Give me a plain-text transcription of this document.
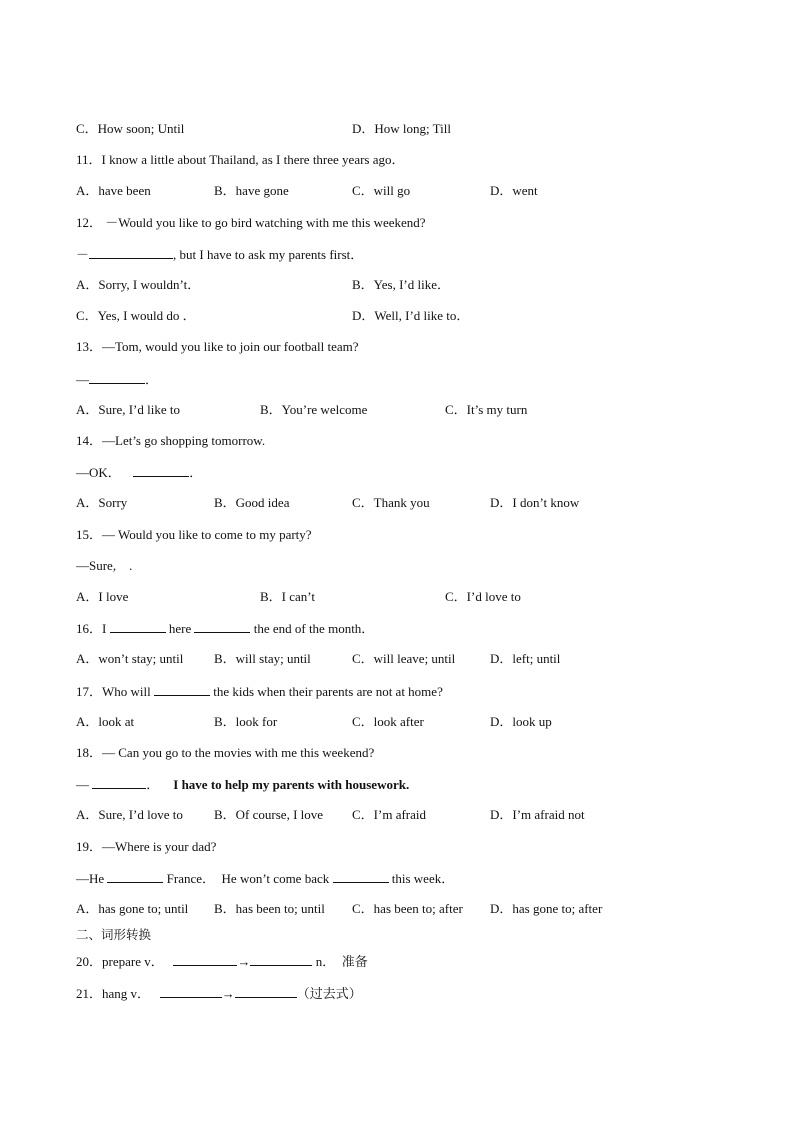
C．How soon; Until	D．How long; Till
11．I know a little about Thailand, as I there three years ago．
A．have been	B．have gone	C．will go	D．went
12． －Would you like to go bird watching with me this weekend?
－	, but I have to ask my parents first．
A．Sorry, I wouldn’t．	B．Yes, I’d like．
C．Yes, I would do ．	D．Well, I’d like to．
13．—Tom, would you like to join our football team?
—	．
A．Sure, I’d like to	B．You’re welcome	C．It’s my turn
14．—Let’s go shopping tomorrow.
—OK．	．
A．Sorry	B．Good idea	C．Thank you	D．I don’t know
15．— Would you like to come to my party?
—Sure,    .
A．I love	B．I can’t	C．I’d love to
16．I	here	the end of the month．
A．won’t stay; until B．will stay; until	C．will leave; until	D．left; until
17．Who will	the kids when their parents are not at home?
A．look at	B．look for	C．look after	D．look up
18．— Can you go to the movies with me this weekend?
—	． I have to help my parents with housework.
A．Sure, I’d love to B．Of course, I love C．I’m afraid	D．I’m afraid not
19．—Where is your dad?
—He	France．  He won’t come back	this week．
A．has gone to; until B．has been to; until C．has been to; after D．has gone to; after
二、词形转换
20．prepare v．	→	n．  准备
21．hang v．	→	（过去式）
